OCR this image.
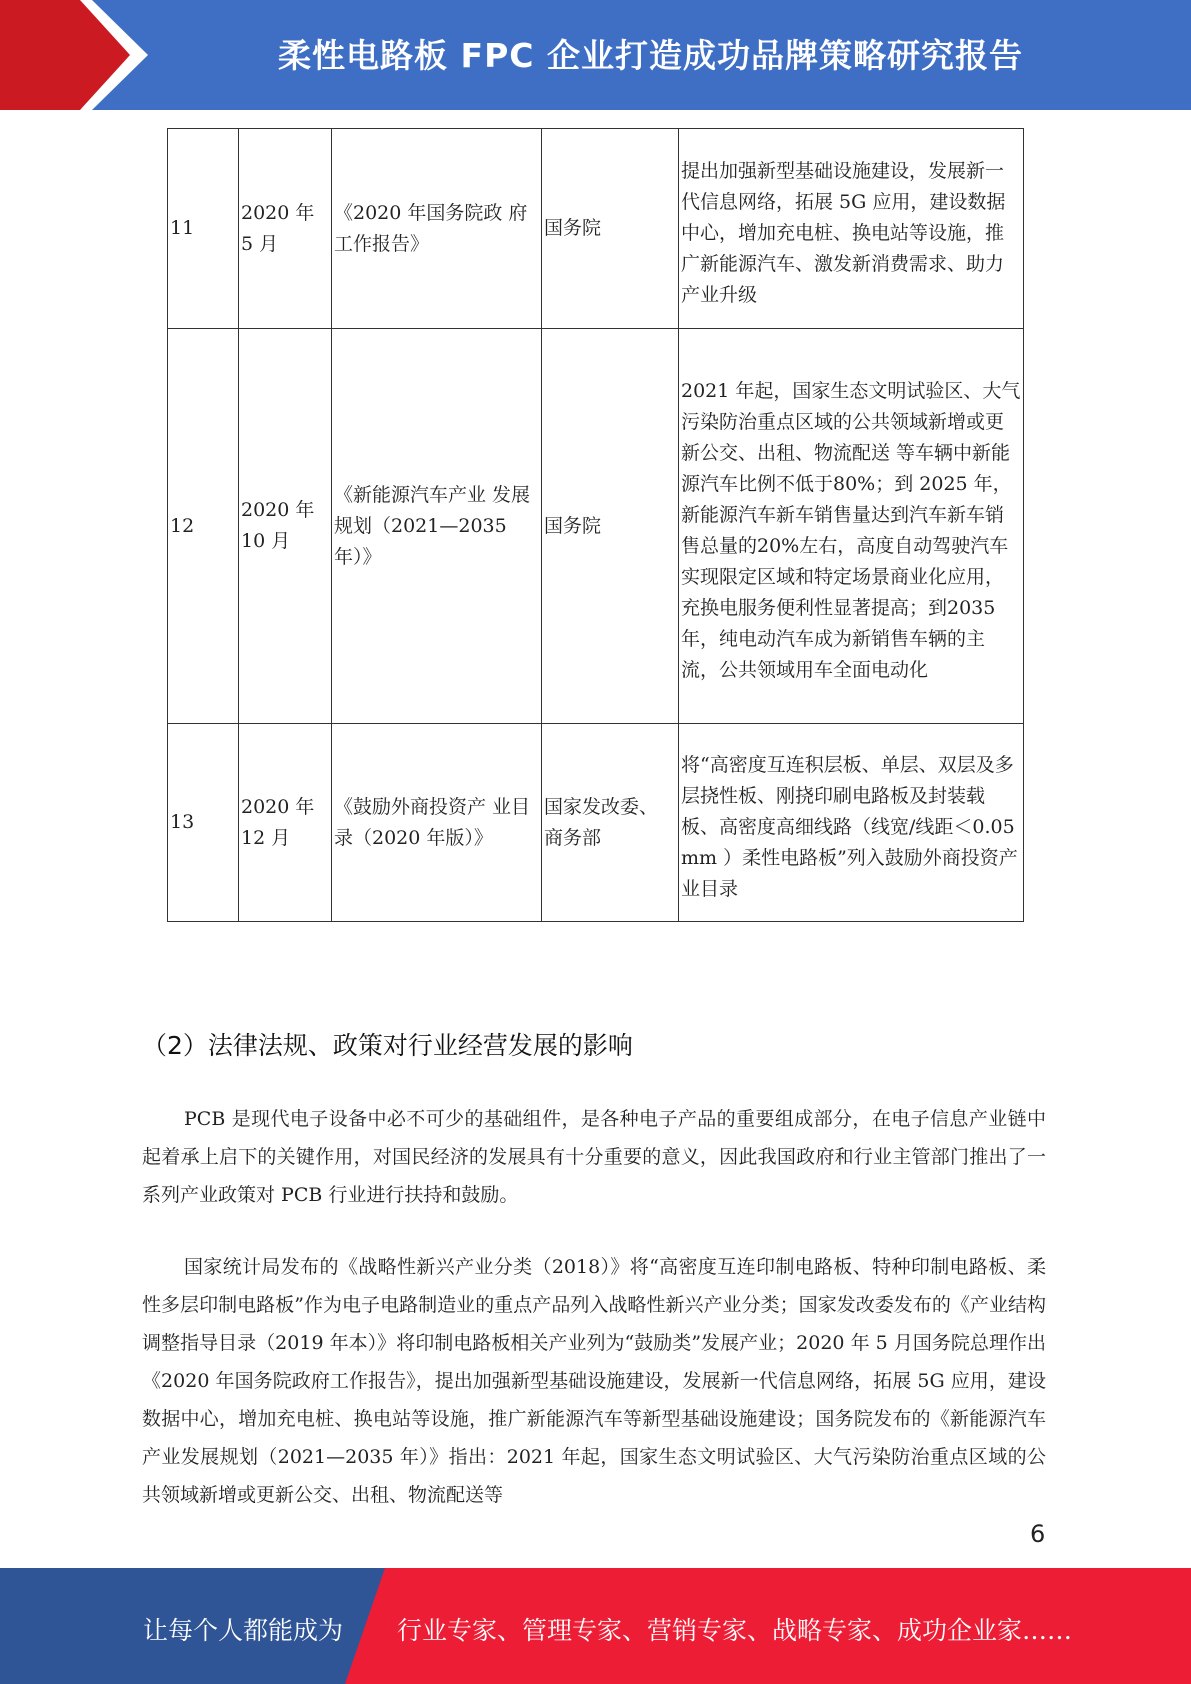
柔性电路板 FPC 企业打造成功品牌策略研究报告
11	2020 年 5 月	《2020 年国务院政 府工作报告》	国务院	提出加强新型基础设施建设，发展新一代信息网络，拓展 5G 应用，建设数据中心，增加充电桩、换电站等设施，推广新能源汽车、激发新消费需求、助力产业升级
12	2020 年 10 月	《新能源汽车产业 发展规划（2021—2035 年）》	国务院	2021 年起，国家生态文明试验区、大气污染防治重点区域的公共领域新增或更新公交、出租、物流配送 等车辆中新能源汽车比例不低于80%；到 2025 年，新能源汽车新车销售量达到汽车新车销售总量的20%左右，高度自动驾驶汽车实现限定区域和特定场景商业化应用，充换电服务便利性显著提高；到2035 年，纯电动汽车成为新销售车辆的主流，公共领域用车全面电动化
13	2020 年 12 月	《鼓励外商投资产 业目录（2020 年版）》	国家发改委、商务部	将“高密度互连积层板、单层、双层及多层挠性板、刚挠印刷电路板及封装载板、高密度高细线路（线宽/线距＜0.05mm ）柔性电路板”列入鼓励外商投资产业目录
（2）法律法规、政策对行业经营发展的影响

PCB 是现代电子设备中必不可少的基础组件，是各种电子产品的重要组成部分，在电子信息产业链中起着承上启下的关键作用，对国民经济的发展具有十分重要的意义，因此我国政府和行业主管部门推出了一系列产业政策对 PCB 行业进行扶持和鼓励。

国家统计局发布的《战略性新兴产业分类（2018）》将“高密度互连印制电路板、特种印制电路板、柔性多层印制电路板”作为电子电路制造业的重点产品列入战略性新兴产业分类；国家发改委发布的《产业结构调整指导目录（2019 年本）》将印制电路板相关产业列为“鼓励类”发展产业；2020 年 5 月国务院总理作出《2020 年国务院政府工作报告》，提出加强新型基础设施建设，发展新一代信息网络，拓展 5G 应用，建设数据中心，增加充电桩、换电站等设施，推广新能源汽车等新型基础设施建设；国务院发布的《新能源汽车产业发展规划（2021—2035 年）》指出：2021 年起，国家生态文明试验区、大气污染防治重点区域的公共领域新增或更新公交、出租、物流配送等

6
让每个人都能成为 行业专家、管理专家、营销专家、战略专家、成功企业家……
